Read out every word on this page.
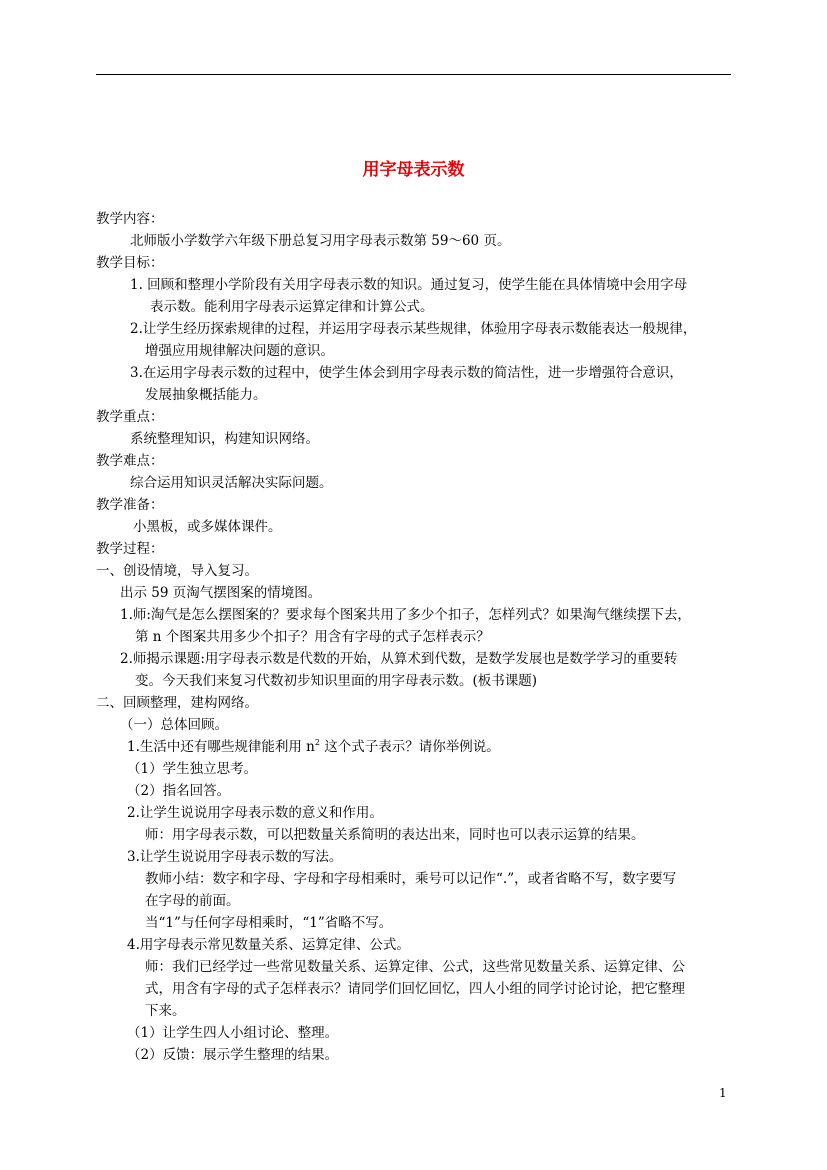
用字母表示数
教学内容：
北师版小学数学六年级下册总复习用字母表示数第 59～60 页。
教学目标：
1. 回顾和整理小学阶段有关用字母表示数的知识。通过复习，使学生能在具体情境中会用字母
表示数。能利用字母表示运算定律和计算公式。
2.让学生经历探索规律的过程，并运用字母表示某些规律，体验用字母表示数能表达一般规律，
增强应用规律解决问题的意识。
3.在运用字母表示数的过程中，使学生体会到用字母表示数的简洁性，进一步增强符合意识，
发展抽象概括能力。
教学重点：
系统整理知识，构建知识网络。
教学难点：
综合运用知识灵活解决实际问题。
教学准备：
小黑板，或多媒体课件。
教学过程：
一、创设情境，导入复习。
出示 59 页淘气摆图案的情境图。
1.师:淘气是怎么摆图案的？要求每个图案共用了多少个扣子，怎样列式？如果淘气继续摆下去，
第 n 个图案共用多少个扣子？用含有字母的式子怎样表示？
2.师揭示课题:用字母表示数是代数的开始，从算术到代数，是数学发展也是数学学习的重要转
变。今天我们来复习代数初步知识里面的用字母表示数。(板书课题)
二、回顾整理，建构网络。
（一）总体回顾。
1.生活中还有哪些规律能利用 $n^2$ 这个式子表示？请你举例说。
（1）学生独立思考。
（2）指名回答。
2.让学生说说用字母表示数的意义和作用。
师：用字母表示数，可以把数量关系简明的表达出来，同时也可以表示运算的结果。
3.让学生说说用字母表示数的写法。
教师小结：数字和字母、字母和字母相乘时，乘号可以记作“.”，或者省略不写，数字要写
在字母的前面。
当“1”与任何字母相乘时，“1”省略不写。
4.用字母表示常见数量关系、运算定律、公式。
师：我们已经学过一些常见数量关系、运算定律、公式，这些常见数量关系、运算定律、公
式，用含有字母的式子怎样表示？请同学们回忆回忆，四人小组的同学讨论讨论，把它整理
下来。
（1）让学生四人小组讨论、整理。
（2）反馈：展示学生整理的结果。
1
